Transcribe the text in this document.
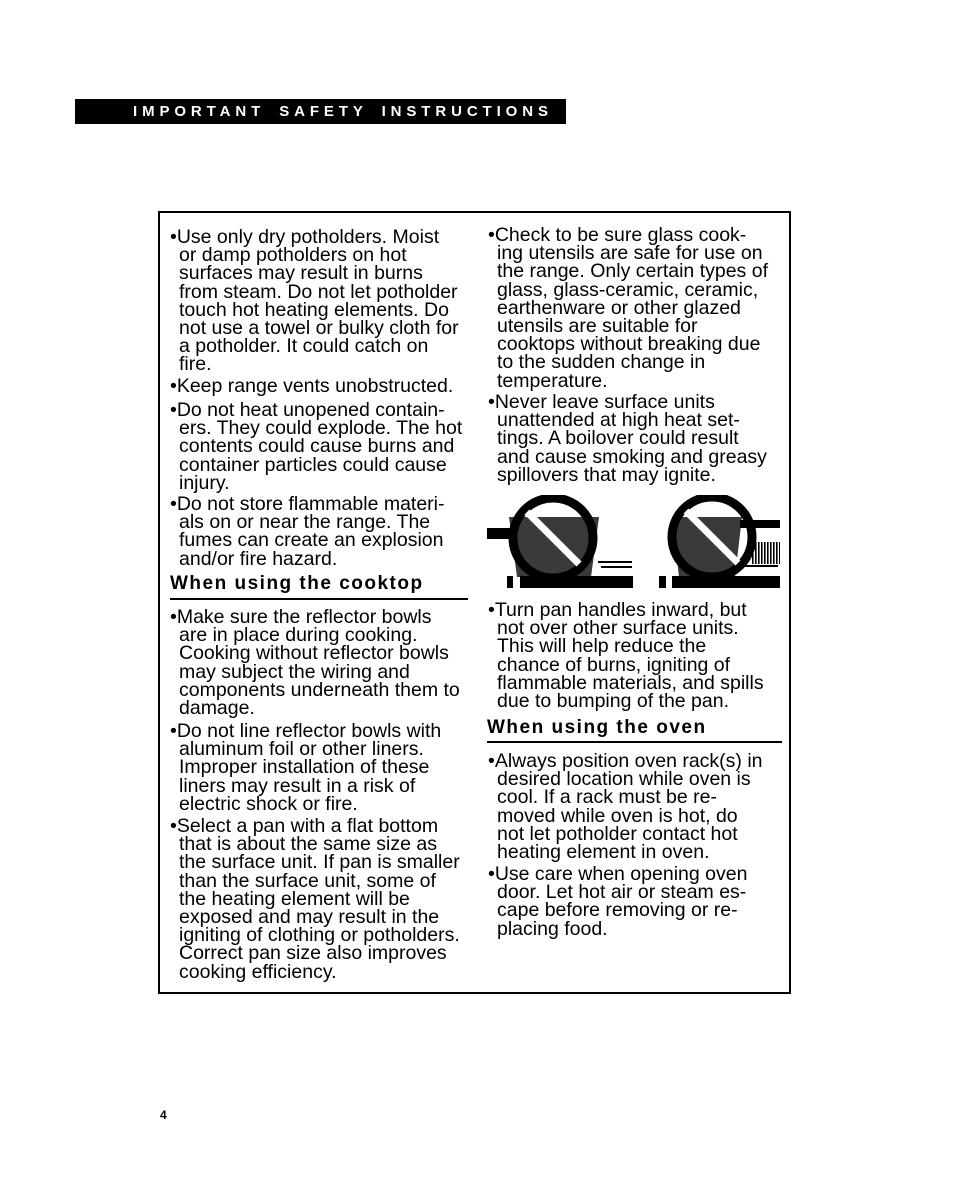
IMPORTANT SAFETY INSTRUCTIONS
•Use only dry potholders. Moist
or damp potholders on hot
surfaces may result in burns
from steam. Do not let potholder
touch hot heating elements. Do
not use a towel or bulky cloth for
a potholder. It could catch on
fire.
•Keep range vents unobstructed.
•Do not heat unopened contain-
ers. They could explode. The hot
contents could cause burns and
container particles could cause
injury.
•Do not store flammable materi-
als on or near the range. The
fumes can create an explosion
and/or fire hazard.
When using the cooktop
•Make sure the reflector bowls
are in place during cooking.
Cooking without reflector bowls
may subject the wiring and
components underneath them to
damage.
•Do not line reflector bowls with
aluminum foil or other liners.
Improper installation of these
liners may result in a risk of
electric shock or fire.
•Select a pan with a flat bottom
that is about the same size as
the surface unit. If pan is smaller
than the surface unit, some of
the heating element will be
exposed and may result in the
igniting of clothing or potholders.
Correct pan size also improves
cooking efficiency.
•Check to be sure glass cook-
ing utensils are safe for use on
the range. Only certain types of
glass, glass-ceramic, ceramic,
earthenware or other glazed
utensils are suitable for
cooktops without breaking due
to the sudden change in
temperature.
•Never leave surface units
unattended at high heat set-
tings. A boilover could result
and cause smoking and greasy
spillovers that may ignite.
•Turn pan handles inward, but
not over other surface units.
This will help reduce the
chance of burns, igniting of
flammable materials, and spills
due to bumping of the pan.
When using the oven
•Always position oven rack(s) in
desired location while oven is
cool. If a rack must be re-
moved while oven is hot, do
not let potholder contact hot
heating element in oven.
•Use care when opening oven
door. Let hot air or steam es-
cape before removing or re-
placing food.
4
